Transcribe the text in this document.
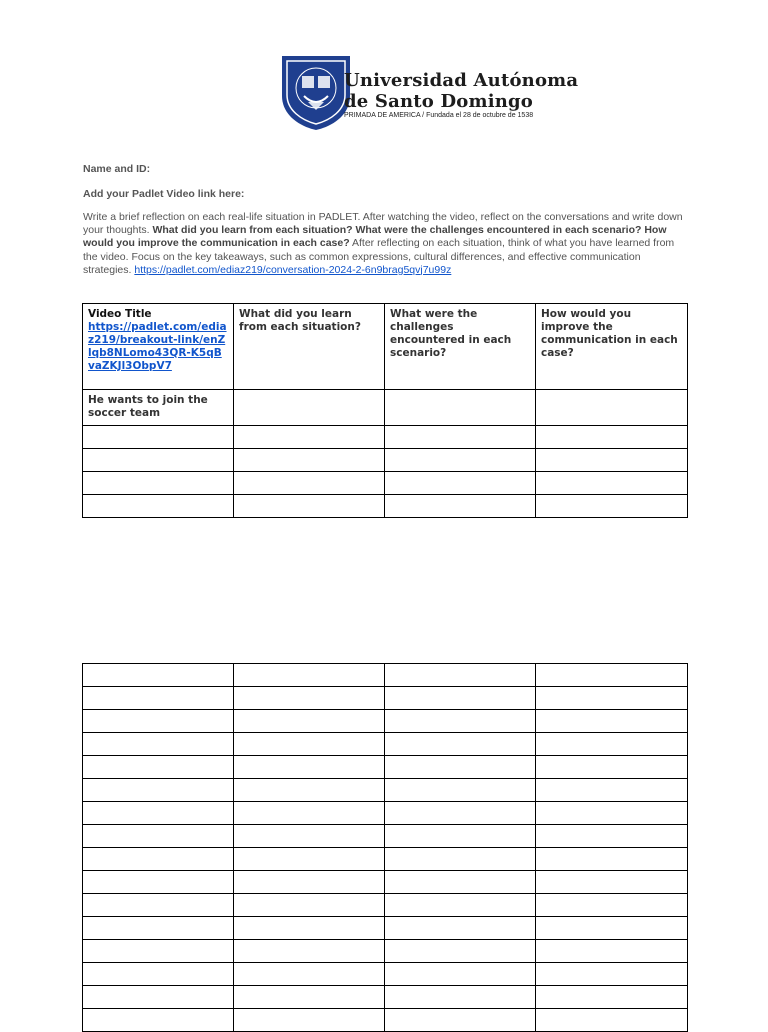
Universidad Autónoma
de Santo Domingo
PRIMADA DE AMERICA / Fundada el 28 de octubre de 1538
Name and ID:
Add your Padlet Video link here:
Write a brief reflection on each real-life situation in PADLET. After watching the video, reflect on the conversations and write down your thoughts. What did you learn from each situation? What were the challenges encountered in each scenario? How would you improve the communication in each case? After reflecting on each situation, think of what you have learned from the video. Focus on the key takeaways, such as common expressions, cultural differences, and effective communication strategies. https://padlet.com/ediaz219/conversation-2024-2-6n9brag5qvj7u99z
Video Title
https://padlet.com/ediaz219/breakout-link/enZlqb8NLomo43QR-K5qBvaZKJl3ObpV7	What did you learn from each situation?	What were the challenges encountered in each scenario?	How would you improve the communication in each case?
He wants to join the soccer team			
